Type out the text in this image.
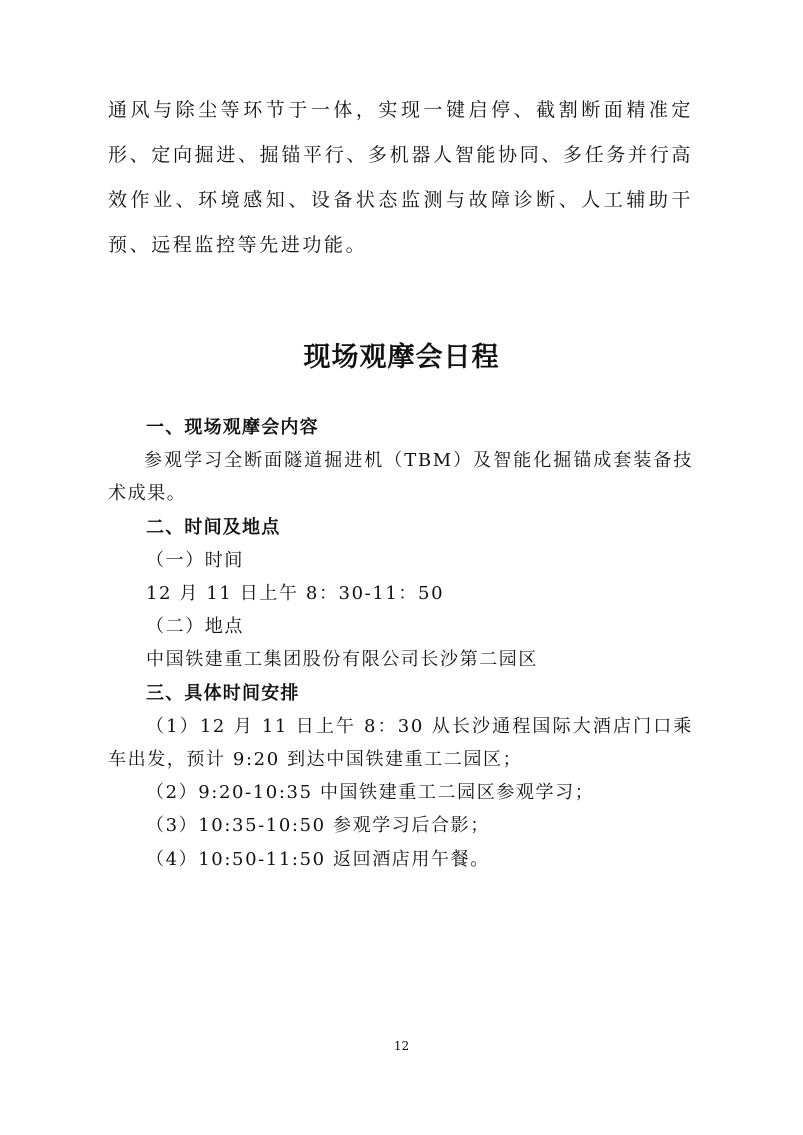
通风与除尘等环节于一体，实现一键启停、截割断面精准定形、定向掘进、掘锚平行、多机器人智能协同、多任务并行高效作业、环境感知、设备状态监测与故障诊断、人工辅助干预、远程监控等先进功能。

现场观摩会日程

一、现场观摩会内容

参观学习全断面隧道掘进机（TBM）及智能化掘锚成套装备技术成果。

二、时间及地点

（一）时间

12 月 11 日上午 8：30-11：50

（二）地点

中国铁建重工集团股份有限公司长沙第二园区

三、具体时间安排

（1）12 月 11 日上午 8：30 从长沙通程国际大酒店门口乘车出发，预计 9:20 到达中国铁建重工二园区；

（2）9:20-10:35 中国铁建重工二园区参观学习；

（3）10:35-10:50 参观学习后合影；

（4）10:50-11:50 返回酒店用午餐。

12
